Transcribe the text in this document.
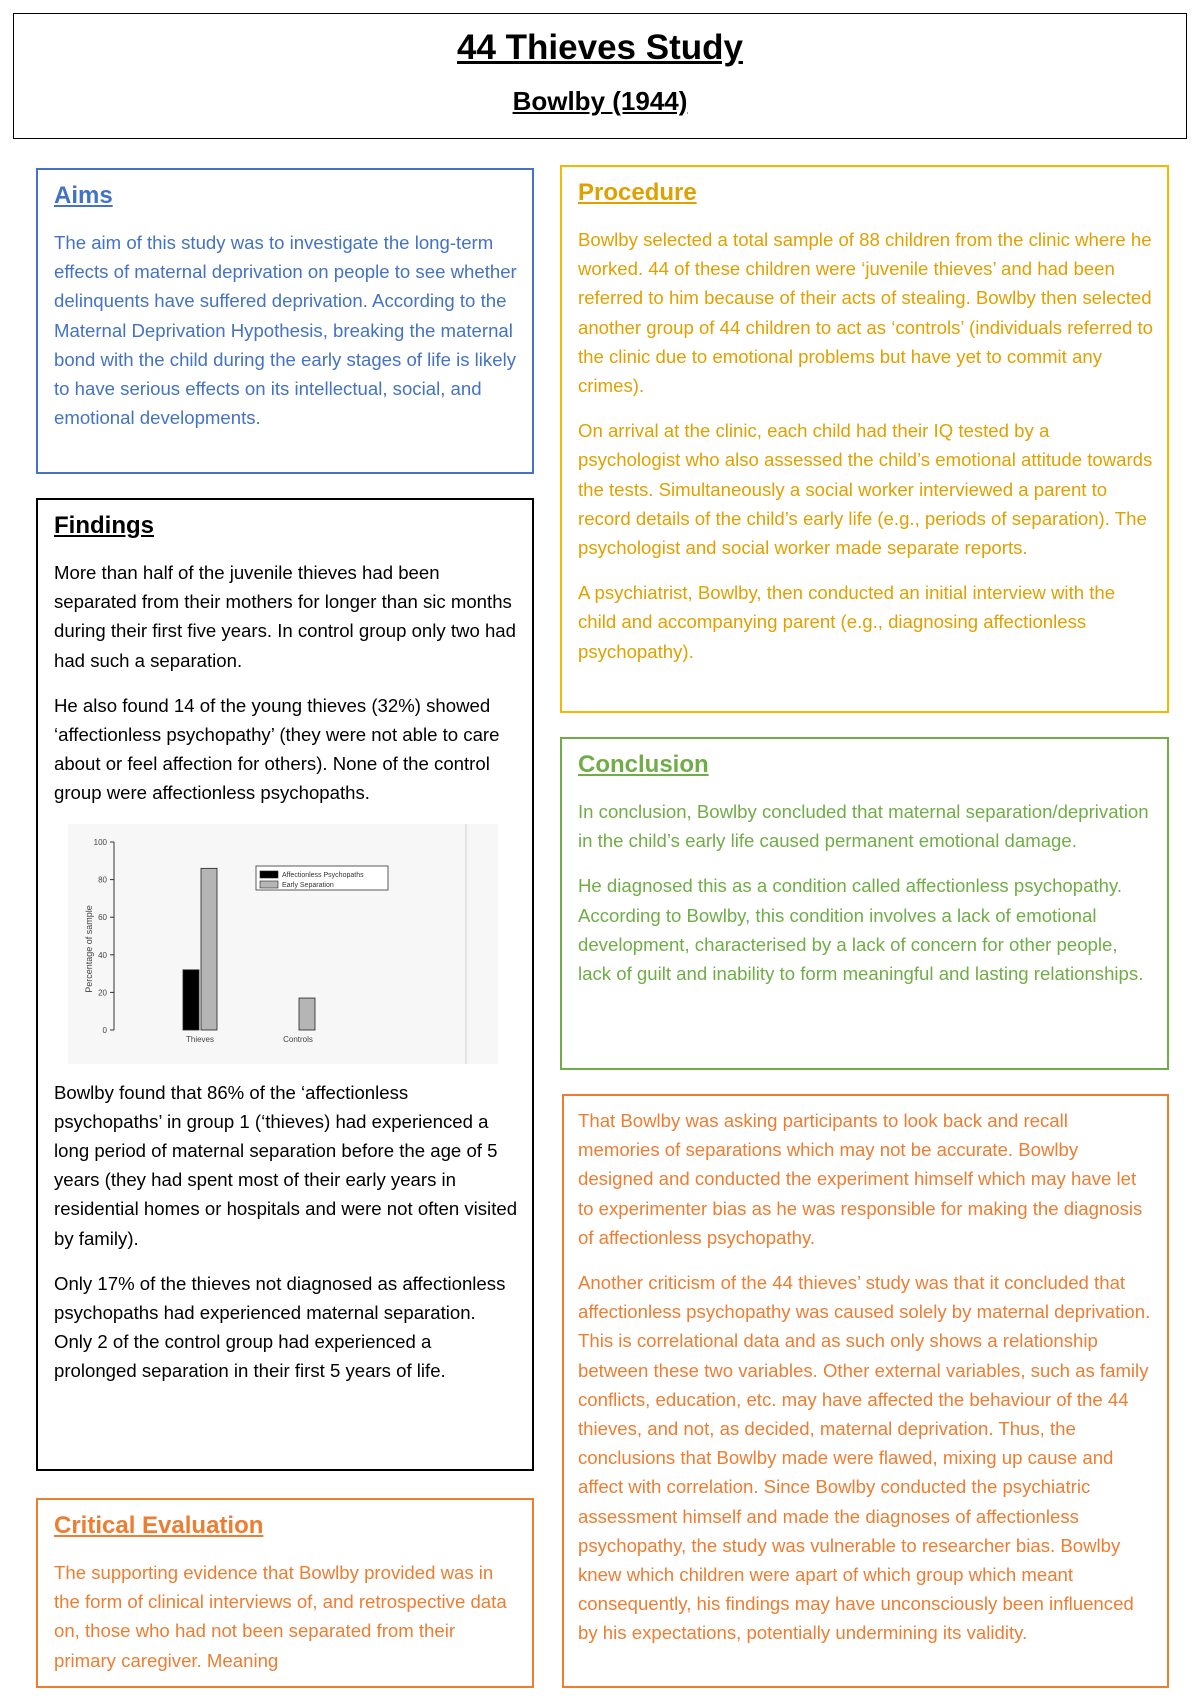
44 Thieves Study
Bowlby (1944)
Aims

The aim of this study was to investigate the long-term effects of maternal deprivation on people to see whether delinquents have suffered deprivation. According to the Maternal Deprivation Hypothesis, breaking the maternal bond with the child during the early stages of life is likely to have serious effects on its intellectual, social, and emotional developments.

Findings

More than half of the juvenile thieves had been separated from their mothers for longer than sic months during their first five years. In control group only two had had such a separation.

He also found 14 of the young thieves (32%) showed ‘affectionless psychopathy’ (they were not able to care about or feel affection for others). None of the control group were affectionless psychopaths.

0
20
40
60
80
100
Thieves	Controls
Affectionless Psychopaths
Early Separation
Percentage of sample

Bowlby found that 86% of the ‘affectionless psychopaths’ in group 1 (‘thieves) had experienced a long period of maternal separation before the age of 5 years (they had spent most of their early years in residential homes or hospitals and were not often visited by family).

Only 17% of the thieves not diagnosed as affectionless psychopaths had experienced maternal separation. Only 2 of the control group had experienced a prolonged separation in their first 5 years of life.

Critical Evaluation

The supporting evidence that Bowlby provided was in the form of clinical interviews of, and retrospective data on, those who had not been separated from their primary caregiver. Meaning

Procedure

Bowlby selected a total sample of 88 children from the clinic where he worked. 44 of these children were ‘juvenile thieves’ and had been referred to him because of their acts of stealing. Bowlby then selected another group of 44 children to act as ‘controls’ (individuals referred to the clinic due to emotional problems but have yet to commit any crimes).

On arrival at the clinic, each child had their IQ tested by a psychologist who also assessed the child’s emotional attitude towards the tests. Simultaneously a social worker interviewed a parent to record details of the child’s early life (e.g., periods of separation). The psychologist and social worker made separate reports.

A psychiatrist, Bowlby, then conducted an initial interview with the child and accompanying parent (e.g., diagnosing affectionless psychopathy).

Conclusion

In conclusion, Bowlby concluded that maternal separation/deprivation in the child’s early life caused permanent emotional damage.

He diagnosed this as a condition called affectionless psychopathy. According to Bowlby, this condition involves a lack of emotional development, characterised by a lack of concern for other people, lack of guilt and inability to form meaningful and lasting relationships.

That Bowlby was asking participants to look back and recall memories of separations which may not be accurate. Bowlby designed and conducted the experiment himself which may have let to experimenter bias as he was responsible for making the diagnosis of affectionless psychopathy.

Another criticism of the 44 thieves’ study was that it concluded that affectionless psychopathy was caused solely by maternal deprivation. This is correlational data and as such only shows a relationship between these two variables. Other external variables, such as family conflicts, education, etc. may have affected the behaviour of the 44 thieves, and not, as decided, maternal deprivation. Thus, the conclusions that Bowlby made were flawed, mixing up cause and affect with correlation. Since Bowlby conducted the psychiatric assessment himself and made the diagnoses of affectionless psychopathy, the study was vulnerable to researcher bias. Bowlby knew which children were apart of which group which meant consequently, his findings may have unconsciously been influenced by his expectations, potentially undermining its validity.
